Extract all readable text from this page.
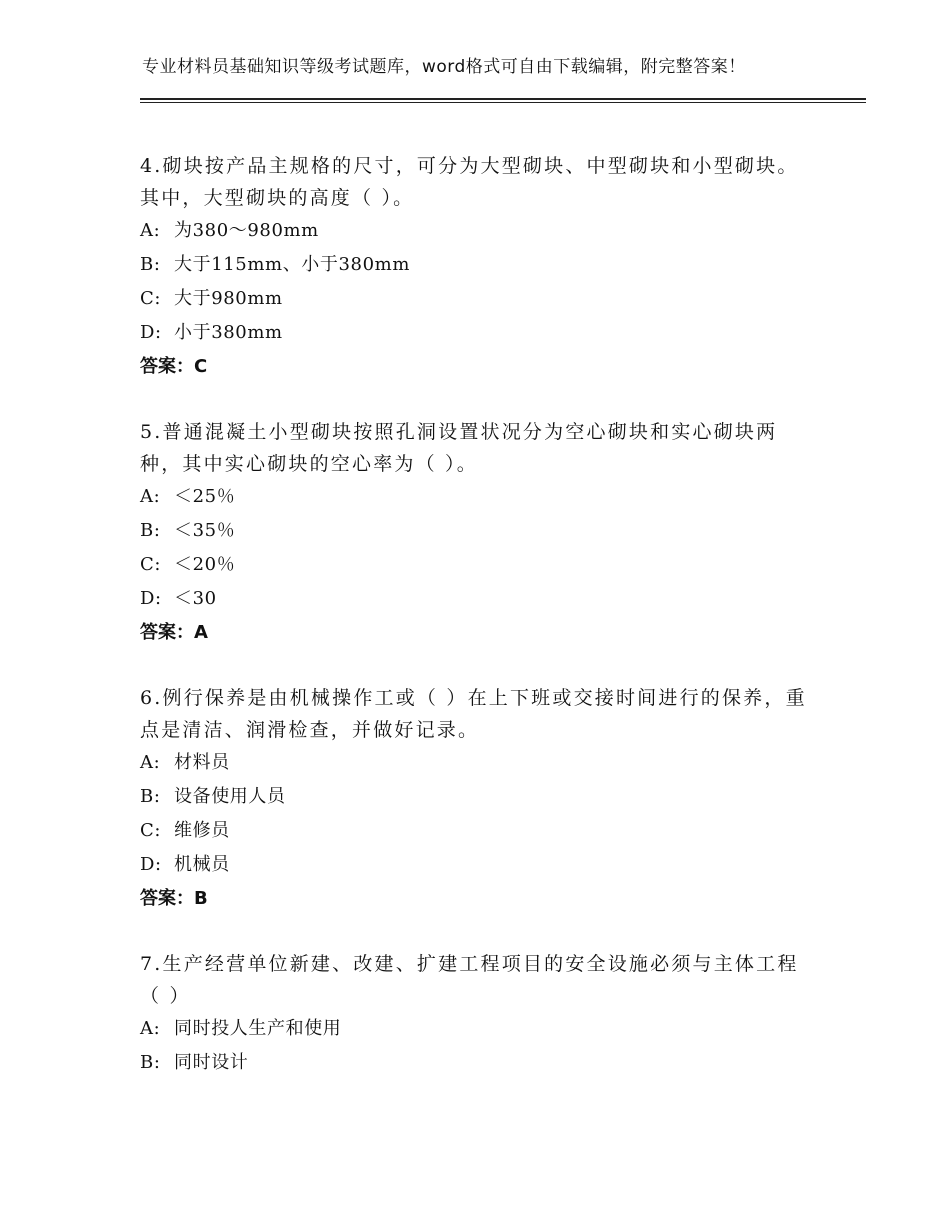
专业材料员基础知识等级考试题库，word格式可自由下载编辑，附完整答案！

4.砌块按产品主规格的尺寸，可分为大型砌块、中型砌块和小型砌块。其中，大型砌块的高度（ ）。

A: 为380～980mm

B: 大于115mm、小于380mm

C: 大于980mm

D: 小于380mm

答案：C

5.普通混凝土小型砌块按照孔洞设置状况分为空心砌块和实心砌块两种，其中实心砌块的空心率为（ ）。

A: ＜25％

B: ＜35％

C: ＜20％

D: ＜30

答案：A

6.例行保养是由机械操作工或（ ）在上下班或交接时间进行的保养，重点是清洁、润滑检查，并做好记录。

A: 材料员

B: 设备使用人员

C: 维修员

D: 机械员

答案：B

7.生产经营单位新建、改建、扩建工程项目的安全设施必须与主体工程（ ）

A: 同时投人生产和使用

B: 同时设计
